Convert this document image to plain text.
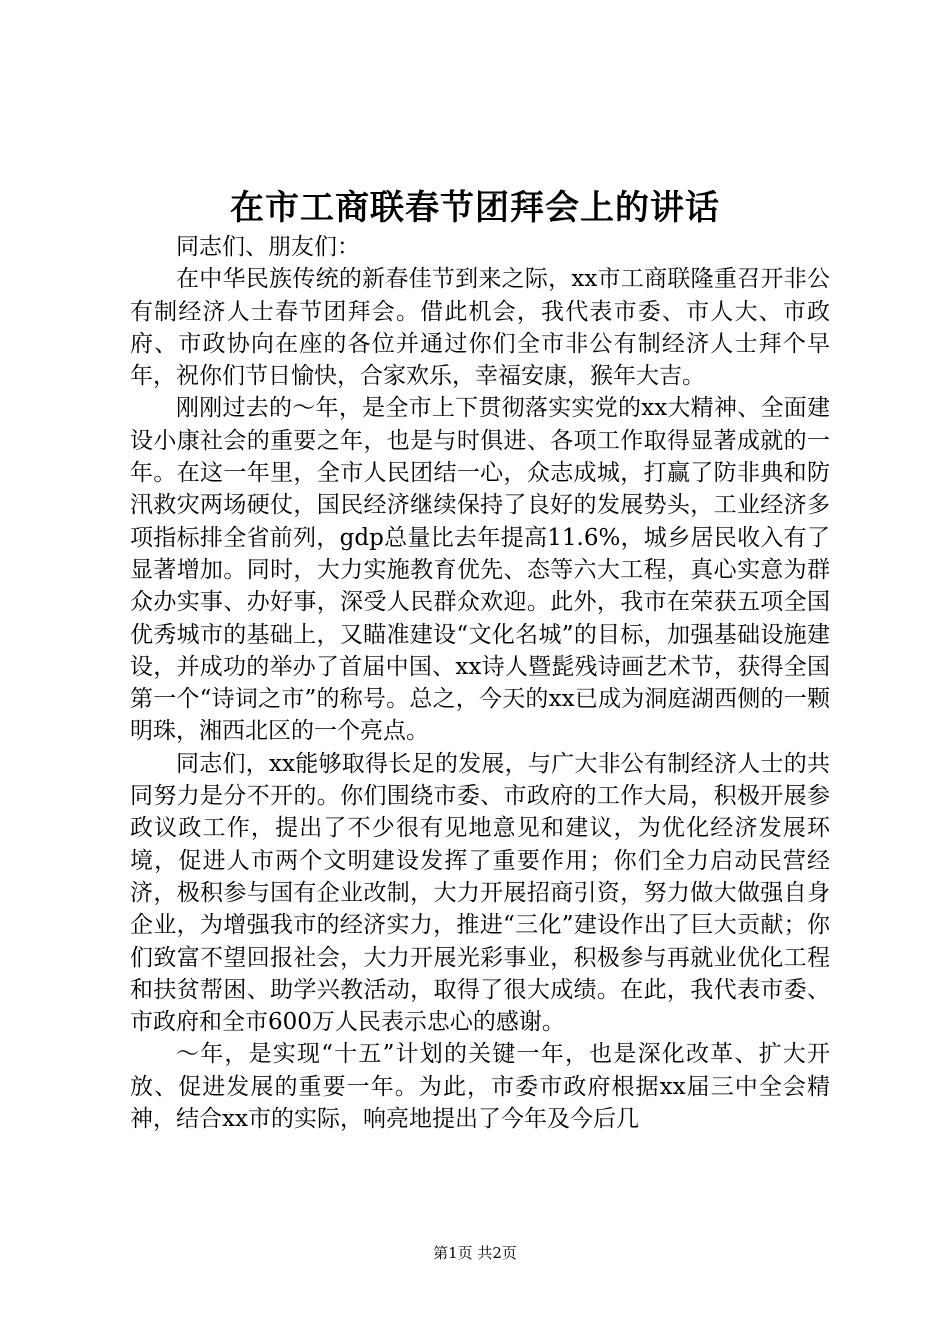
在市工商联春节团拜会上的讲话

同志们、朋友们：

在中华民族传统的新春佳节到来之际，xx市工商联隆重召开非公有制经济人士春节团拜会。借此机会，我代表市委、市人大、市政府、市政协向在座的各位并通过你们全市非公有制经济人士拜个早年，祝你们节日愉快，合家欢乐，幸福安康，猴年大吉。

刚刚过去的～年，是全市上下贯彻落实实党的xx大精神、全面建设小康社会的重要之年，也是与时俱进、各项工作取得显著成就的一年。在这一年里，全市人民团结一心，众志成城，打赢了防非典和防汛救灾两场硬仗，国民经济继续保持了良好的发展势头，工业经济多项指标排全省前列，gdp总量比去年提高11.6%，城乡居民收入有了显著增加。同时，大力实施教育优先、态等六大工程，真心实意为群众办实事、办好事，深受人民群众欢迎。此外，我市在荣获五项全国优秀城市的基础上，又瞄准建设“文化名城”的目标，加强基础设施建设，并成功的举办了首届中国、xx诗人暨髭残诗画艺术节，获得全国第一个“诗词之市”的称号。总之，今天的xx已成为洞庭湖西侧的一颗明珠，湘西北区的一个亮点。

同志们，xx能够取得长足的发展，与广大非公有制经济人士的共同努力是分不开的。你们围绕市委、市政府的工作大局，积极开展参政议政工作，提出了不少很有见地意见和建议，为优化经济发展环境，促进人市两个文明建设发挥了重要作用；你们全力启动民营经济，极积参与国有企业改制，大力开展招商引资，努力做大做强自身企业，为增强我市的经济实力，推进“三化”建设作出了巨大贡献；你们致富不望回报社会，大力开展光彩事业，积极参与再就业优化工程和扶贫帮困、助学兴教活动，取得了很大成绩。在此，我代表市委、市政府和全市600万人民表示忠心的感谢。

～年，是实现“十五”计划的关键一年，也是深化改革、扩大开放、促进发展的重要一年。为此，市委市政府根据xx届三中全会精神，结合xx市的实际，响亮地提出了今年及今后几

第1页 共2页
